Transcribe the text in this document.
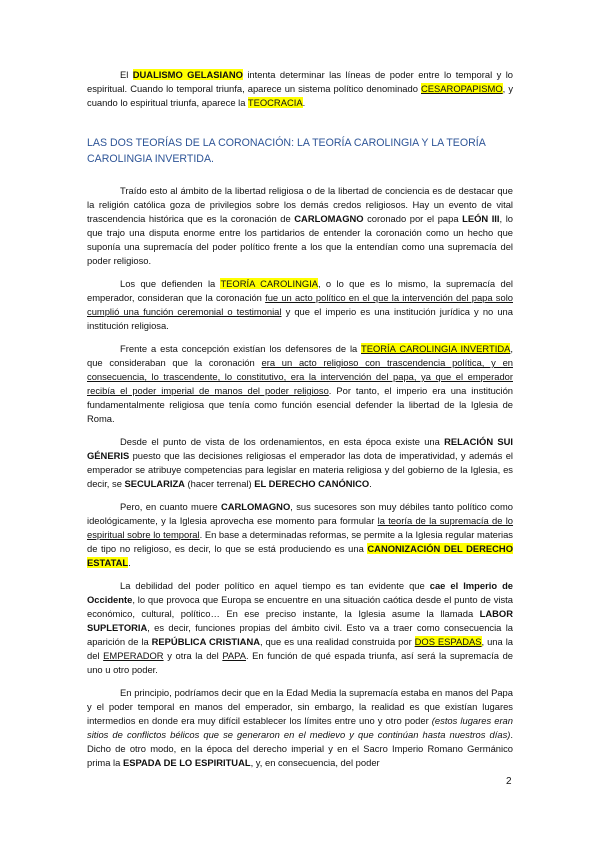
El DUALISMO GELASIANO intenta determinar las líneas de poder entre lo temporal y lo espiritual. Cuando lo temporal triunfa, aparece un sistema político denominado CESAROPAPISMO, y cuando lo espiritual triunfa, aparece la TEOCRACIA.

LAS DOS TEORÍAS DE LA CORONACIÓN: LA TEORÍA CAROLINGIA Y LA TEORÍA CAROLINGIA INVERTIDA.

Traído esto al ámbito de la libertad religiosa o de la libertad de conciencia es de destacar que la religión católica goza de privilegios sobre los demás credos religiosos. Hay un evento de vital trascendencia histórica que es la coronación de CARLOMAGNO coronado por el papa LEÓN III, lo que trajo una disputa enorme entre los partidarios de entender la coronación como un hecho que suponía una supremacía del poder político frente a los que la entendían como una supremacía del poder religioso.

Los que defienden la TEORÍA CAROLINGIA, o lo que es lo mismo, la supremacía del emperador, consideran que la coronación fue un acto político en el que la intervención del papa solo cumplió una función ceremonial o testimonial y que el imperio es una institución jurídica y no una institución religiosa.

Frente a esta concepción existían los defensores de la TEORÍA CAROLINGIA INVERTIDA, que consideraban que la coronación era un acto religioso con trascendencia política, y en consecuencia, lo trascendente, lo constitutivo, era la intervención del papa, ya que el emperador recibía el poder imperial de manos del poder religioso. Por tanto, el imperio era una institución fundamentalmente religiosa que tenía como función esencial defender la libertad de la Iglesia de Roma.

Desde el punto de vista de los ordenamientos, en esta época existe una RELACIÓN SUI GÉNERIS puesto que las decisiones religiosas el emperador las dota de imperatividad, y además el emperador se atribuye competencias para legislar en materia religiosa y del gobierno de la Iglesia, es decir, se SECULARIZA (hacer terrenal) EL DERECHO CANÓNICO.

Pero, en cuanto muere CARLOMAGNO, sus sucesores son muy débiles tanto político como ideológicamente, y la Iglesia aprovecha ese momento para formular la teoría de la supremacía de lo espiritual sobre lo temporal. En base a determinadas reformas, se permite a la Iglesia regular materias de tipo no religioso, es decir, lo que se está produciendo es una CANONIZACIÓN DEL DERECHO ESTATAL.

La debilidad del poder político en aquel tiempo es tan evidente que cae el Imperio de Occidente, lo que provoca que Europa se encuentre en una situación caótica desde el punto de vista económico, cultural, político… En ese preciso instante, la Iglesia asume la llamada LABOR SUPLETORIA, es decir, funciones propias del ámbito civil. Esto va a traer como consecuencia la aparición de la REPÚBLICA CRISTIANA, que es una realidad construida por DOS ESPADAS, una la del EMPERADOR y otra la del PAPA. En función de qué espada triunfa, así será la supremacía de uno u otro poder.

En principio, podríamos decir que en la Edad Media la supremacía estaba en manos del Papa y el poder temporal en manos del emperador, sin embargo, la realidad es que existían lugares intermedios en donde era muy difícil establecer los límites entre uno y otro poder (estos lugares eran sitios de conflictos bélicos que se generaron en el medievo y que continúan hasta nuestros días). Dicho de otro modo, en la época del derecho imperial y en el Sacro Imperio Romano Germánico prima la ESPADA DE LO ESPIRITUAL, y, en consecuencia, del poder

2
